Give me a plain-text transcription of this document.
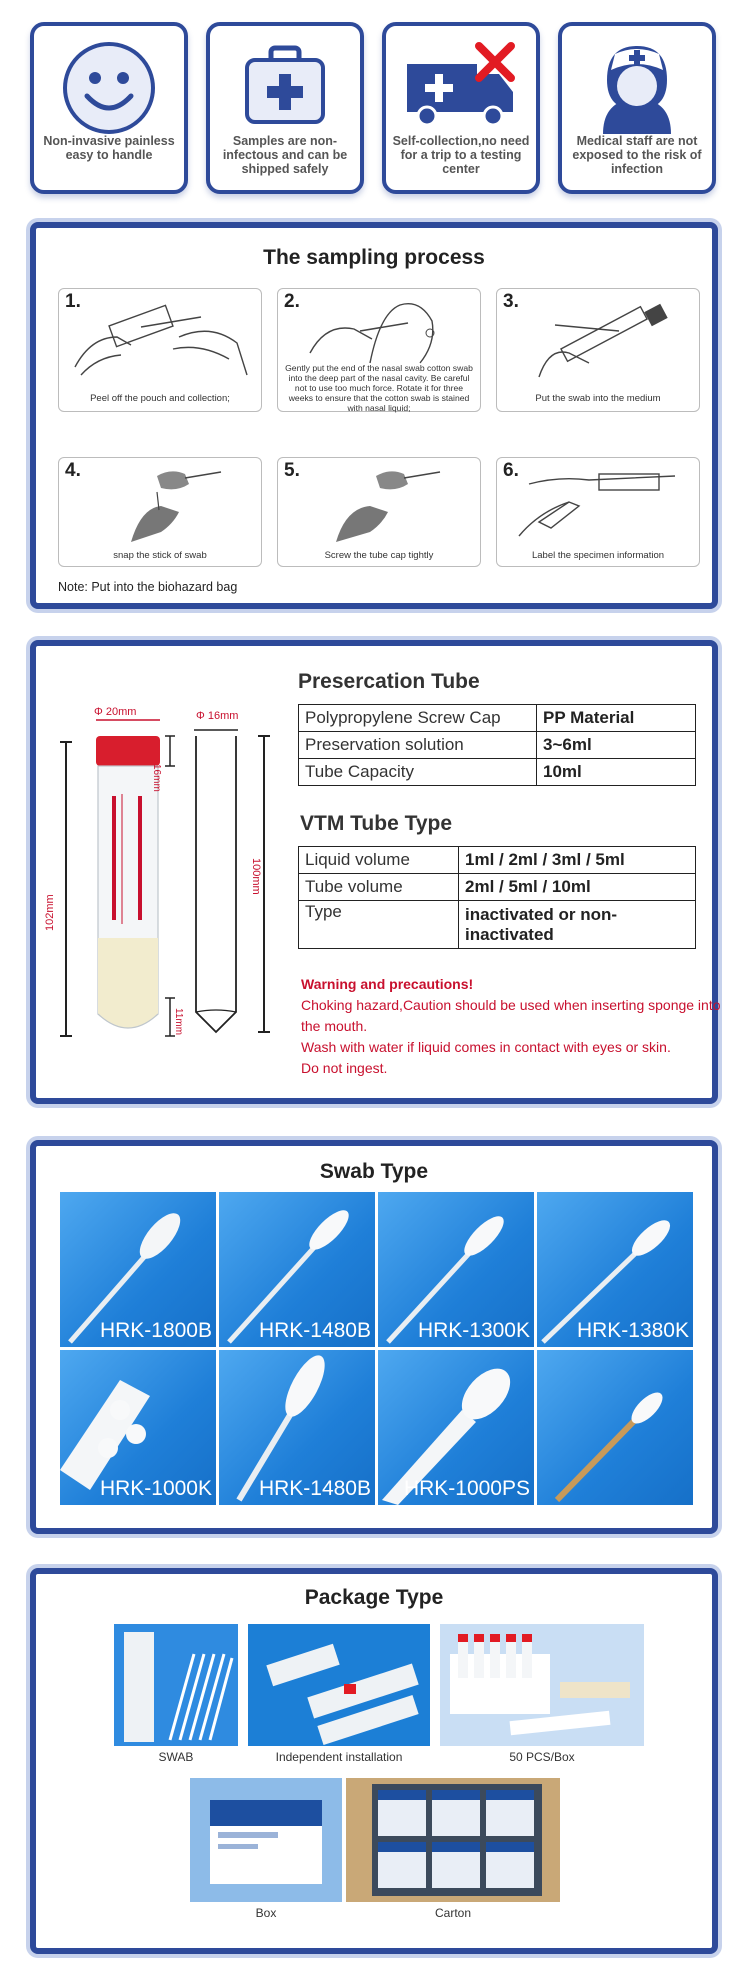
Non-invasive painless easy to handle
Samples are non-infectous and can be shipped safely
Self-collection,no need for a trip to a testing center
Medical staff are not exposed to the risk of infection
The sampling process
1.
Peel off the pouch and collection;
2.
Gently put the end of the nasal swab cotton swab into the deep part of the nasal cavity. Be careful not to use too much force. Rotate it for three weeks to ensure that the cotton swab is stained with nasal liquid;
3.
Put the swab into the medium
4.
snap the stick of swab
5.
Screw the tube cap tightly
6.
Label the specimen information
Note: Put into the biohazard bag
Φ 20mm
16mm
102mm
11mm
Φ 16mm
100mm
Presercation Tube
Polypropylene Screw Cap	PP Material
Preservation solution	3~6ml
Tube Capacity	10ml
VTM Tube Type
Liquid volume	1ml / 2ml / 3ml / 5ml
Tube volume	2ml / 5ml / 10ml
Type	inactivated or non-inactivated
Warning and precautions!
Choking hazard,Caution should be used when inserting sponge into the mouth.
Wash with water if liquid comes in contact with eyes or skin.
Do not ingest.
Swab Type
HRK-1800B HRK-1480B HRK-1300K HRK-1380K
HRK-1000K HRK-1480B HRK-1000PS
Package Type
SWAB	Independent installation	50 PCS/Box
Box	Carton
